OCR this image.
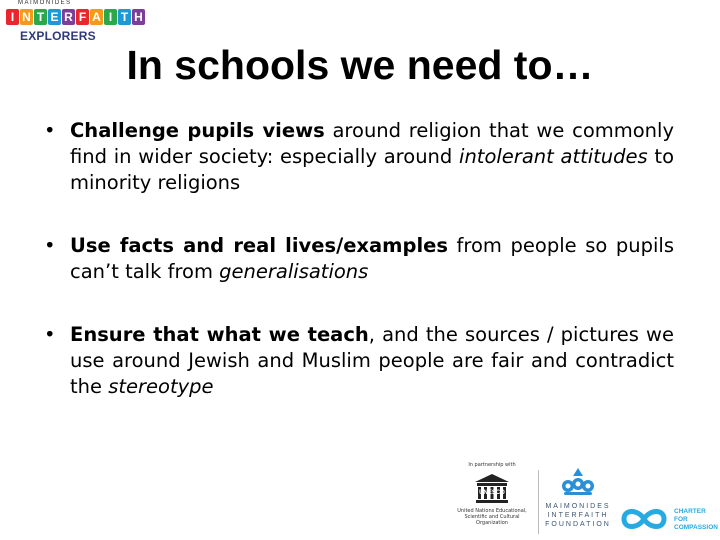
MAIMONIDES
I N T E R F A I T H
EXPLORERS
In schools we need to…
• Challenge pupils views around religion that we commonly find in wider society: especially around intolerant attitudes to minority religions
• Use facts and real lives/examples from people so pupils can’t talk from generalisations
• Ensure that what we teach, and the sources / pictures we use around Jewish and Muslim people are fair and contradict the stereotype
In partnership with
UNESCO
United Nations Educational, Scientific and Cultural Organization
MAIMONIDES
INTERFAITH
FOUNDATION
CHARTER
FOR
COMPASSION
